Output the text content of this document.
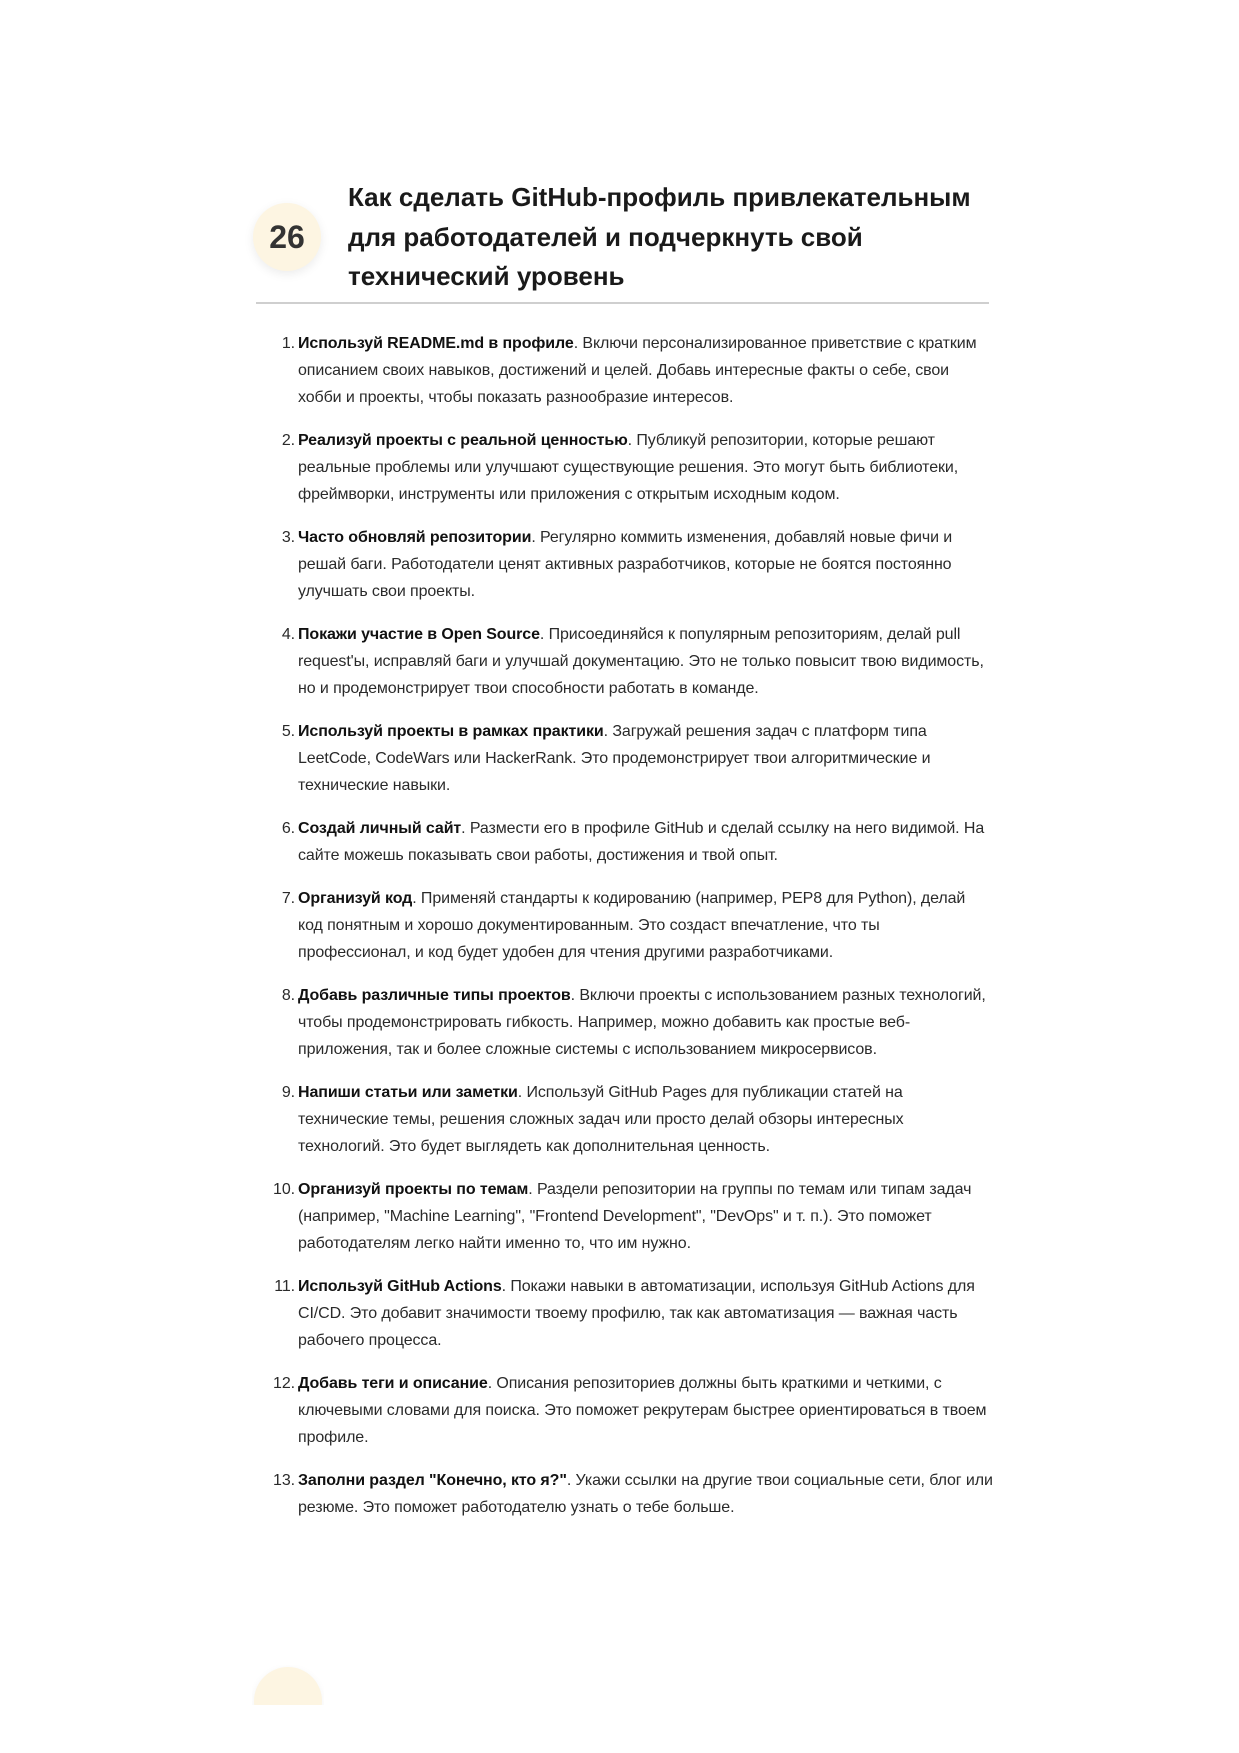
26
Как сделать GitHub-профиль привлекательным для работодателей и подчеркнуть свой технический уровень
1. Используй README.md в профиле. Включи персонализированное приветствие с кратким описанием своих навыков, достижений и целей. Добавь интересные факты о себе, свои хобби и проекты, чтобы показать разнообразие интересов.
2. Реализуй проекты с реальной ценностью. Публикуй репозитории, которые решают реальные проблемы или улучшают существующие решения. Это могут быть библиотеки, фреймворки, инструменты или приложения с открытым исходным кодом.
3. Часто обновляй репозитории. Регулярно коммить изменения, добавляй новые фичи и решай баги. Работодатели ценят активных разработчиков, которые не боятся постоянно улучшать свои проекты.
4. Покажи участие в Open Source. Присоединяйся к популярным репозиториям, делай pull request'ы, исправляй баги и улучшай документацию. Это не только повысит твою видимость, но и продемонстрирует твои способности работать в команде.
5. Используй проекты в рамках практики. Загружай решения задач с платформ типа LeetCode, CodeWars или HackerRank. Это продемонстрирует твои алгоритмические и технические навыки.
6. Создай личный сайт. Размести его в профиле GitHub и сделай ссылку на него видимой. На сайте можешь показывать свои работы, достижения и твой опыт.
7. Организуй код. Применяй стандарты к кодированию (например, PEP8 для Python), делай код понятным и хорошо документированным. Это создаст впечатление, что ты профессионал, и код будет удобен для чтения другими разработчиками.
8. Добавь различные типы проектов. Включи проекты с использованием разных технологий, чтобы продемонстрировать гибкость. Например, можно добавить как простые веб-приложения, так и более сложные системы с использованием микросервисов.
9. Напиши статьи или заметки. Используй GitHub Pages для публикации статей на технические темы, решения сложных задач или просто делай обзоры интересных технологий. Это будет выглядеть как дополнительная ценность.
10. Организуй проекты по темам. Раздели репозитории на группы по темам или типам задач (например, "Machine Learning", "Frontend Development", "DevOps" и т. п.). Это поможет работодателям легко найти именно то, что им нужно.
11. Используй GitHub Actions. Покажи навыки в автоматизации, используя GitHub Actions для CI/CD. Это добавит значимости твоему профилю, так как автоматизация — важная часть рабочего процесса.
12. Добавь теги и описание. Описания репозиториев должны быть краткими и четкими, с ключевыми словами для поиска. Это поможет рекрутерам быстрее ориентироваться в твоем профиле.
13. Заполни раздел "Конечно, кто я?". Укажи ссылки на другие твои социальные сети, блог или резюме. Это поможет работодателю узнать о тебе больше.
